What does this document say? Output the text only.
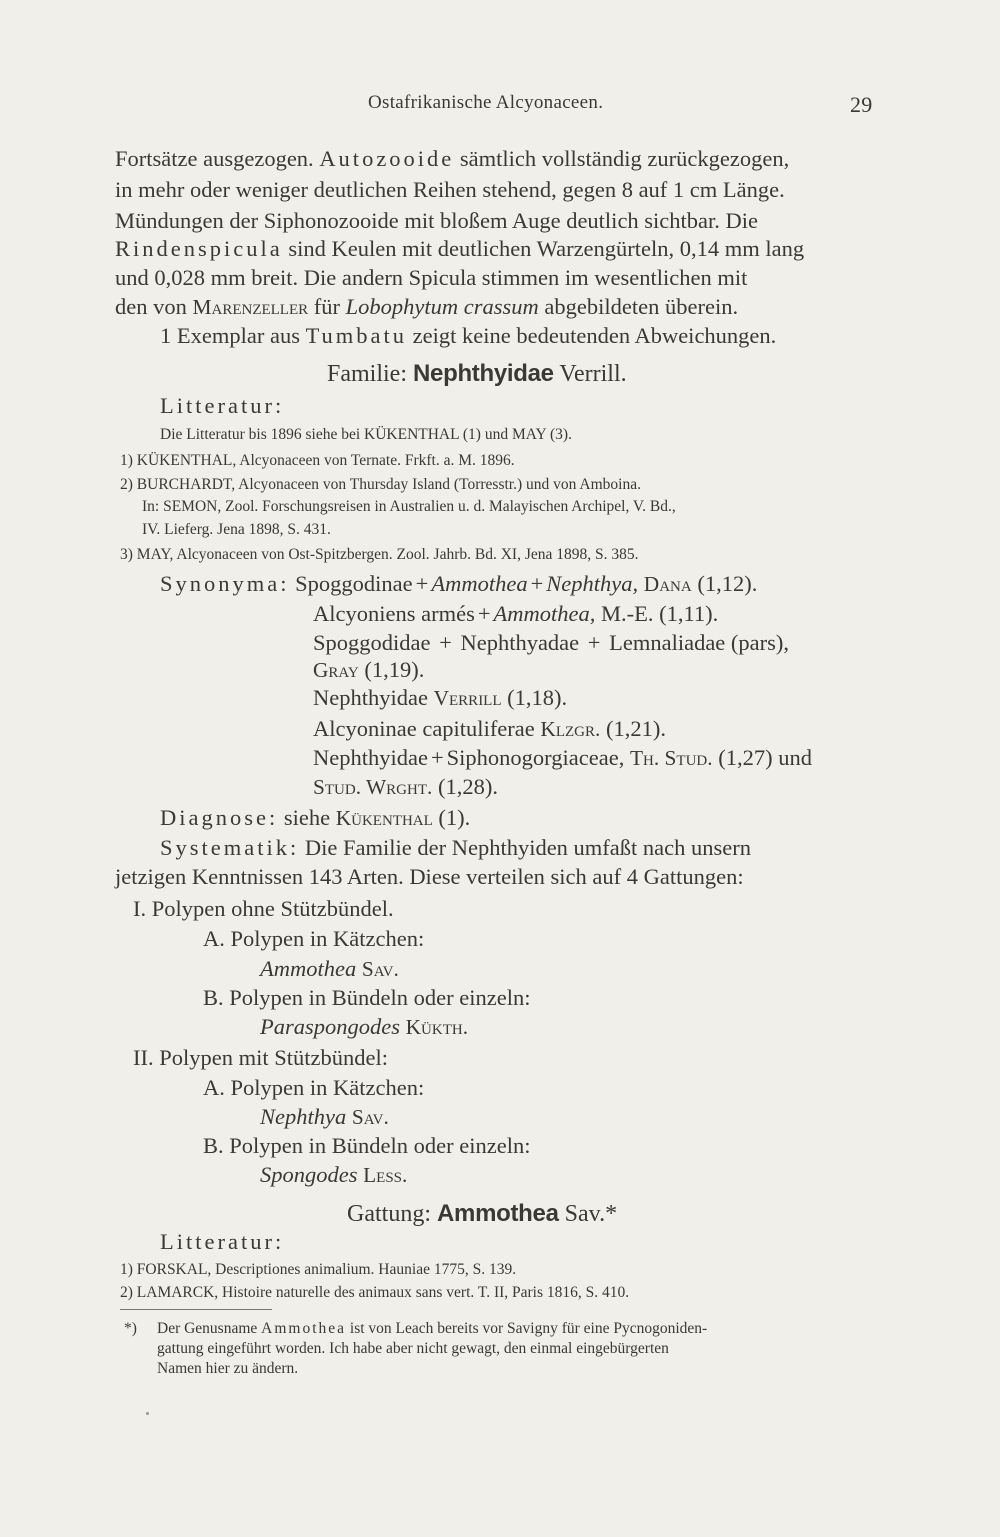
Ostafrikanische Alcyonaceen.	29
Fortsätze ausgezogen. Autozooide sämtlich vollständig zurückgezogen,
in mehr oder weniger deutlichen Reihen stehend, gegen 8 auf 1 cm Länge.
Mündungen der Siphonozooide mit bloßem Auge deutlich sichtbar. Die
Rindenspicula sind Keulen mit deutlichen Warzengürteln, 0,14 mm lang
und 0,028 mm breit. Die andern Spicula stimmen im wesentlichen mit
den von Marenzeller für Lobophytum crassum abgebildeten überein.
1 Exemplar aus Tumbatu zeigt keine bedeutenden Abweichungen.
Familie: Nephthyidae Verrill.
Litteratur:
Die Litteratur bis 1896 siehe bei KÜKENTHAL (1) und MAY (3).
1) KÜKENTHAL, Alcyonaceen von Ternate. Frkft. a. M. 1896.
2) BURCHARDT, Alcyonaceen von Thursday Island (Torresstr.) und von Amboina.
In: SEMON, Zool. Forschungsreisen in Australien u. d. Malayischen Archipel, V. Bd.,
IV. Lieferg. Jena 1898, S. 431.
3) MAY, Alcyonaceen von Ost-Spitzbergen. Zool. Jahrb. Bd. XI, Jena 1898, S. 385.
Synonyma: Spoggodinae + Ammothea + Nephthya, Dana (1,12).
Alcyoniens armés + Ammothea, M.-E. (1,11).
Spoggodidae + Nephthyadae + Lemnaliadae (pars),
Gray (1,19).
Nephthyidae Verrill (1,18).
Alcyoninae capituliferae Klzgr. (1,21).
Nephthyidae + Siphonogorgiaceae, Th. Stud. (1,27) und
Stud. Wrght. (1,28).
Diagnose: siehe Kükenthal (1).
Systematik: Die Familie der Nephthyiden umfaßt nach unsern
jetzigen Kenntnissen 143 Arten. Diese verteilen sich auf 4 Gattungen:
I. Polypen ohne Stützbündel.
A. Polypen in Kätzchen:
Ammothea Sav.
B. Polypen in Bündeln oder einzeln:
Paraspongodes Kükth.
II. Polypen mit Stützbündel:
A. Polypen in Kätzchen:
Nephthya Sav.
B. Polypen in Bündeln oder einzeln:
Spongodes Less.
Gattung: Ammothea Sav.*
Litteratur:
1) FORSKAL, Descriptiones animalium. Hauniae 1775, S. 139.
2) LAMARCK, Histoire naturelle des animaux sans vert. T. II, Paris 1816, S. 410.
*) Der Genusname Ammothea ist von Leach bereits vor Savigny für eine Pycnogoniden-
gattung eingeführt worden. Ich habe aber nicht gewagt, den einmal eingebürgerten
Namen hier zu ändern.
